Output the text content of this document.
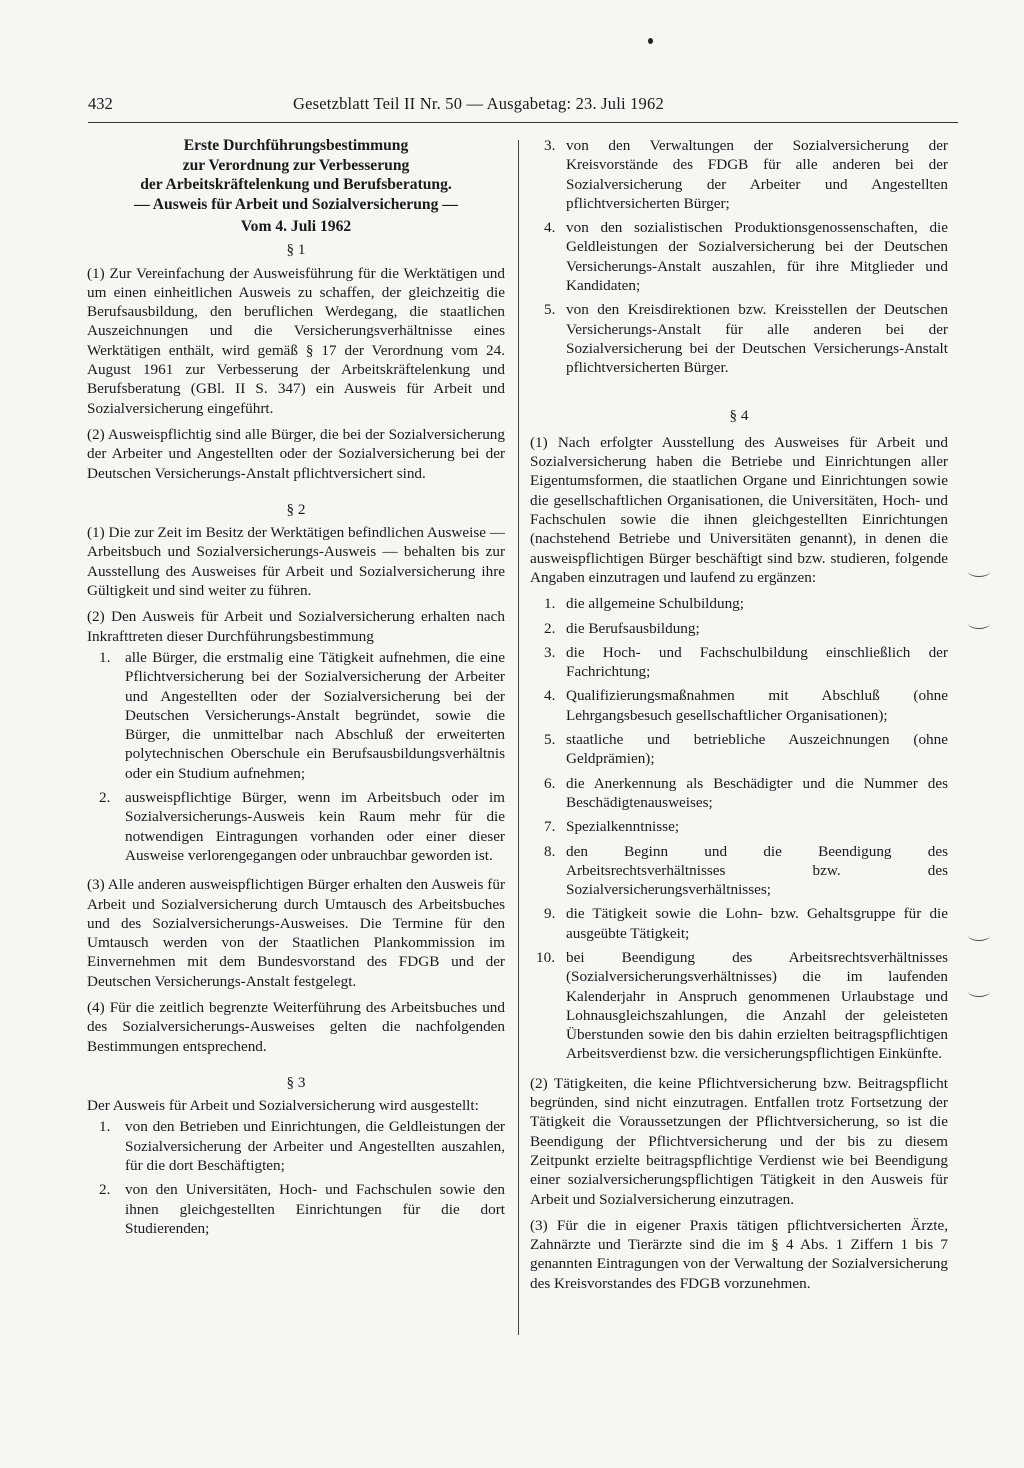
432	Gesetzblatt Teil II Nr. 50 — Ausgabetag: 23. Juli 1962
Erste Durchführungsbestimmung
zur Verordnung zur Verbesserung
der Arbeitskräftelenkung und Berufsberatung.
— Ausweis für Arbeit und Sozialversicherung —
Vom 4. Juli 1962
§ 1

(1) Zur Vereinfachung der Ausweisführung für die Werktätigen und um einen einheitlichen Ausweis zu schaffen, der gleichzeitig die Berufsausbildung, den beruflichen Werdegang, die staatlichen Auszeichnungen und die Versicherungsverhältnisse eines Werktätigen enthält, wird gemäß § 17 der Verordnung vom 24. August 1961 zur Verbesserung der Arbeitskräftelenkung und Berufsberatung (GBl. II S. 347) ein Ausweis für Arbeit und Sozialversicherung eingeführt.

(2) Ausweispflichtig sind alle Bürger, die bei der Sozialversicherung der Arbeiter und Angestellten oder der Sozialversicherung bei der Deutschen Versicherungs-Anstalt pflichtversichert sind.

§ 2

(1) Die zur Zeit im Besitz der Werktätigen befindlichen Ausweise — Arbeitsbuch und Sozialversicherungs-Ausweis — behalten bis zur Ausstellung des Ausweises für Arbeit und Sozialversicherung ihre Gültigkeit und sind weiter zu führen.

(2) Den Ausweis für Arbeit und Sozialversicherung erhalten nach Inkrafttreten dieser Durchführungsbestimmung

1. alle Bürger, die erstmalig eine Tätigkeit aufnehmen, die eine Pflichtversicherung bei der Sozialversicherung der Arbeiter und Angestellten oder der Sozialversicherung bei der Deutschen Versicherungs-Anstalt begründet, sowie die Bürger, die unmittelbar nach Abschluß der erweiterten polytechnischen Oberschule ein Berufsausbildungsverhältnis oder ein Studium aufnehmen;
2. ausweispflichtige Bürger, wenn im Arbeitsbuch oder im Sozialversicherungs-Ausweis kein Raum mehr für die notwendigen Eintragungen vorhanden oder einer dieser Ausweise verlorengegangen oder unbrauchbar geworden ist.

(3) Alle anderen ausweispflichtigen Bürger erhalten den Ausweis für Arbeit und Sozialversicherung durch Umtausch des Arbeitsbuches und des Sozialversicherungs-Ausweises. Die Termine für den Umtausch werden von der Staatlichen Plankommission im Einvernehmen mit dem Bundesvorstand des FDGB und der Deutschen Versicherungs-Anstalt festgelegt.

(4) Für die zeitlich begrenzte Weiterführung des Arbeitsbuches und des Sozialversicherungs-Ausweises gelten die nachfolgenden Bestimmungen entsprechend.

§ 3

Der Ausweis für Arbeit und Sozialversicherung wird ausgestellt:

1. von den Betrieben und Einrichtungen, die Geldleistungen der Sozialversicherung der Arbeiter und Angestellten auszahlen, für die dort Beschäftigten;
2. von den Universitäten, Hoch- und Fachschulen sowie den ihnen gleichgestellten Einrichtungen für die dort Studierenden;
3. von den Verwaltungen der Sozialversicherung der Kreisvorstände des FDGB für alle anderen bei der Sozialversicherung der Arbeiter und Angestellten pflichtversicherten Bürger;
4. von den sozialistischen Produktionsgenossenschaften, die Geldleistungen der Sozialversicherung bei der Deutschen Versicherungs-Anstalt auszahlen, für ihre Mitglieder und Kandidaten;
5. von den Kreisdirektionen bzw. Kreisstellen der Deutschen Versicherungs-Anstalt für alle anderen bei der Sozialversicherung bei der Deutschen Versicherungs-Anstalt pflichtversicherten Bürger.
§ 4

(1) Nach erfolgter Ausstellung des Ausweises für Arbeit und Sozialversicherung haben die Betriebe und Einrichtungen aller Eigentumsformen, die staatlichen Organe und Einrichtungen sowie die gesellschaftlichen Organisationen, die Universitäten, Hoch- und Fachschulen sowie die ihnen gleichgestellten Einrichtungen (nachstehend Betriebe und Universitäten genannt), in denen die ausweispflichtigen Bürger beschäftigt sind bzw. studieren, folgende Angaben einzutragen und laufend zu ergänzen:

1. die allgemeine Schulbildung;
2. die Berufsausbildung;
3. die Hoch- und Fachschulbildung einschließlich der Fachrichtung;
4. Qualifizierungsmaßnahmen mit Abschluß (ohne Lehrgangsbesuch gesellschaftlicher Organisationen);
5. staatliche und betriebliche Auszeichnungen (ohne Geldprämien);
6. die Anerkennung als Beschädigter und die Nummer des Beschädigtenausweises;
7. Spezialkenntnisse;
8. den Beginn und die Beendigung des Arbeitsrechtsverhältnisses bzw. des Sozialversicherungsverhältnisses;
9. die Tätigkeit sowie die Lohn- bzw. Gehaltsgruppe für die ausgeübte Tätigkeit;
10. bei Beendigung des Arbeitsrechtsverhältnisses (Sozialversicherungsverhältnisses) die im laufenden Kalenderjahr in Anspruch genommenen Urlaubstage und Lohnausgleichszahlungen, die Anzahl der geleisteten Überstunden sowie den bis dahin erzielten beitragspflichtigen Arbeitsverdienst bzw. die versicherungspflichtigen Einkünfte.

(2) Tätigkeiten, die keine Pflichtversicherung bzw. Beitragspflicht begründen, sind nicht einzutragen. Entfallen trotz Fortsetzung der Tätigkeit die Voraussetzungen der Pflichtversicherung, so ist die Beendigung der Pflichtversicherung und der bis zu diesem Zeitpunkt erzielte beitragspflichtige Verdienst wie bei Beendigung einer sozialversicherungspflichtigen Tätigkeit in den Ausweis für Arbeit und Sozialversicherung einzutragen.

(3) Für die in eigener Praxis tätigen pflichtversicherten Ärzte, Zahnärzte und Tierärzte sind die im § 4 Abs. 1 Ziffern 1 bis 7 genannten Eintragungen von der Verwaltung der Sozialversicherung des Kreisvorstandes des FDGB vorzunehmen.
